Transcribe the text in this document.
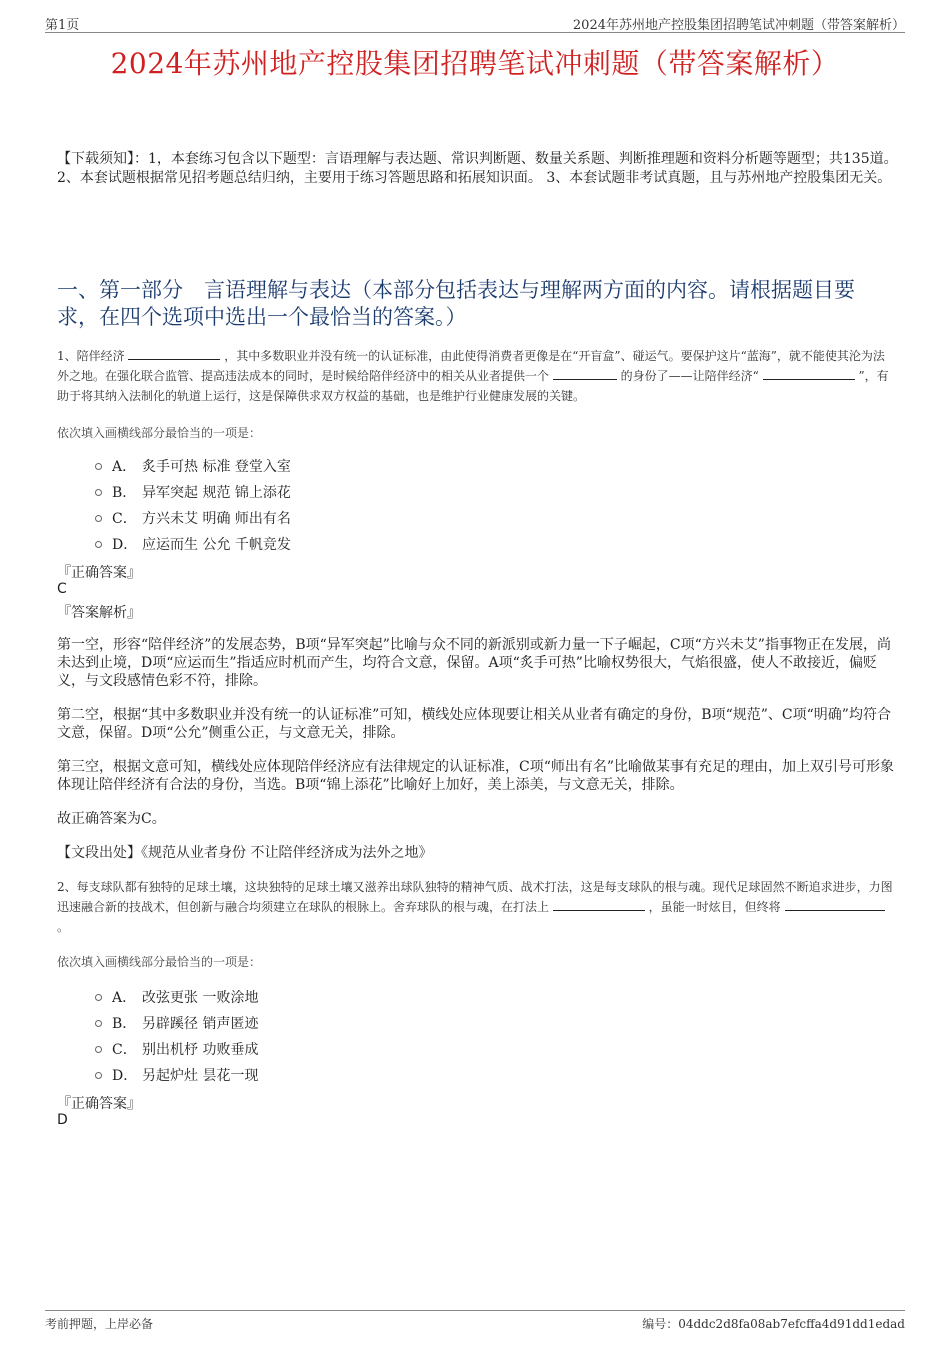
第1页	2024年苏州地产控股集团招聘笔试冲刺题（带答案解析）
2024年苏州地产控股集团招聘笔试冲刺题（带答案解析）
【下载须知】：1，本套练习包含以下题型：言语理解与表达题、常识判断题、数量关系题、判断推理题和资料分析题等题型；共135道。 2、本套试题根据常见招考题总结归纳，主要用于练习答题思路和拓展知识面。 3、本套试题非考试真题，且与苏州地产控股集团无关。
一、第一部分　言语理解与表达（本部分包括表达与理解两方面的内容。请根据题目要求，在四个选项中选出一个最恰当的答案。）
1、陪伴经济	，其中多数职业并没有统一的认证标准，由此使得消费者更像是在“开盲盒”、碰运气。要保护这片“蓝海”，就不能使其沦为法外之地。在强化联合监管、提高违法成本的同时，是时候给陪伴经济中的相关从业者提供一个	的身份了——让陪伴经济“	”，有助于将其纳入法制化的轨道上运行，这是保障供求双方权益的基础，也是维护行业健康发展的关键。
依次填入画横线部分最恰当的一项是：
A． 炙手可热 标准 登堂入室
B． 异军突起 规范 锦上添花
C． 方兴未艾 明确 师出有名
D． 应运而生 公允 千帆竞发
『正确答案』
C
『答案解析』
第一空，形容“陪伴经济”的发展态势，B项“异军突起”比喻与众不同的新派别或新力量一下子崛起，C项“方兴未艾”指事物正在发展，尚未达到止境，D项“应运而生”指适应时机而产生，均符合文意，保留。A项“炙手可热”比喻权势很大，气焰很盛，使人不敢接近，偏贬义，与文段感情色彩不符，排除。
第二空，根据“其中多数职业并没有统一的认证标准”可知，横线处应体现要让相关从业者有确定的身份，B项“规范”、C项“明确”均符合文意，保留。D项“公允”侧重公正，与文意无关，排除。
第三空，根据文意可知，横线处应体现陪伴经济应有法律规定的认证标准，C项“师出有名”比喻做某事有充足的理由，加上双引号可形象体现让陪伴经济有合法的身份，当选。B项“锦上添花”比喻好上加好，美上添美，与文意无关，排除。
故正确答案为C。
【文段出处】《规范从业者身份 不让陪伴经济成为法外之地》
2、每支球队都有独特的足球土壤，这块独特的足球土壤又滋养出球队独特的精神气质、战术打法，这是每支球队的根与魂。现代足球固然不断追求进步，力图迅速融合新的技战术，但创新与融合均须建立在球队的根脉上。舍弃球队的根与魂，在打法上	，虽能一时炫目，但终将  。
依次填入画横线部分最恰当的一项是：
A． 改弦更张 一败涂地
B． 另辟蹊径 销声匿迹
C． 别出机杼 功败垂成
D． 另起炉灶 昙花一现
『正确答案』
D
考前押题，上岸必备	编号：04ddc2d8fa08ab7efcffa4d91dd1edad
